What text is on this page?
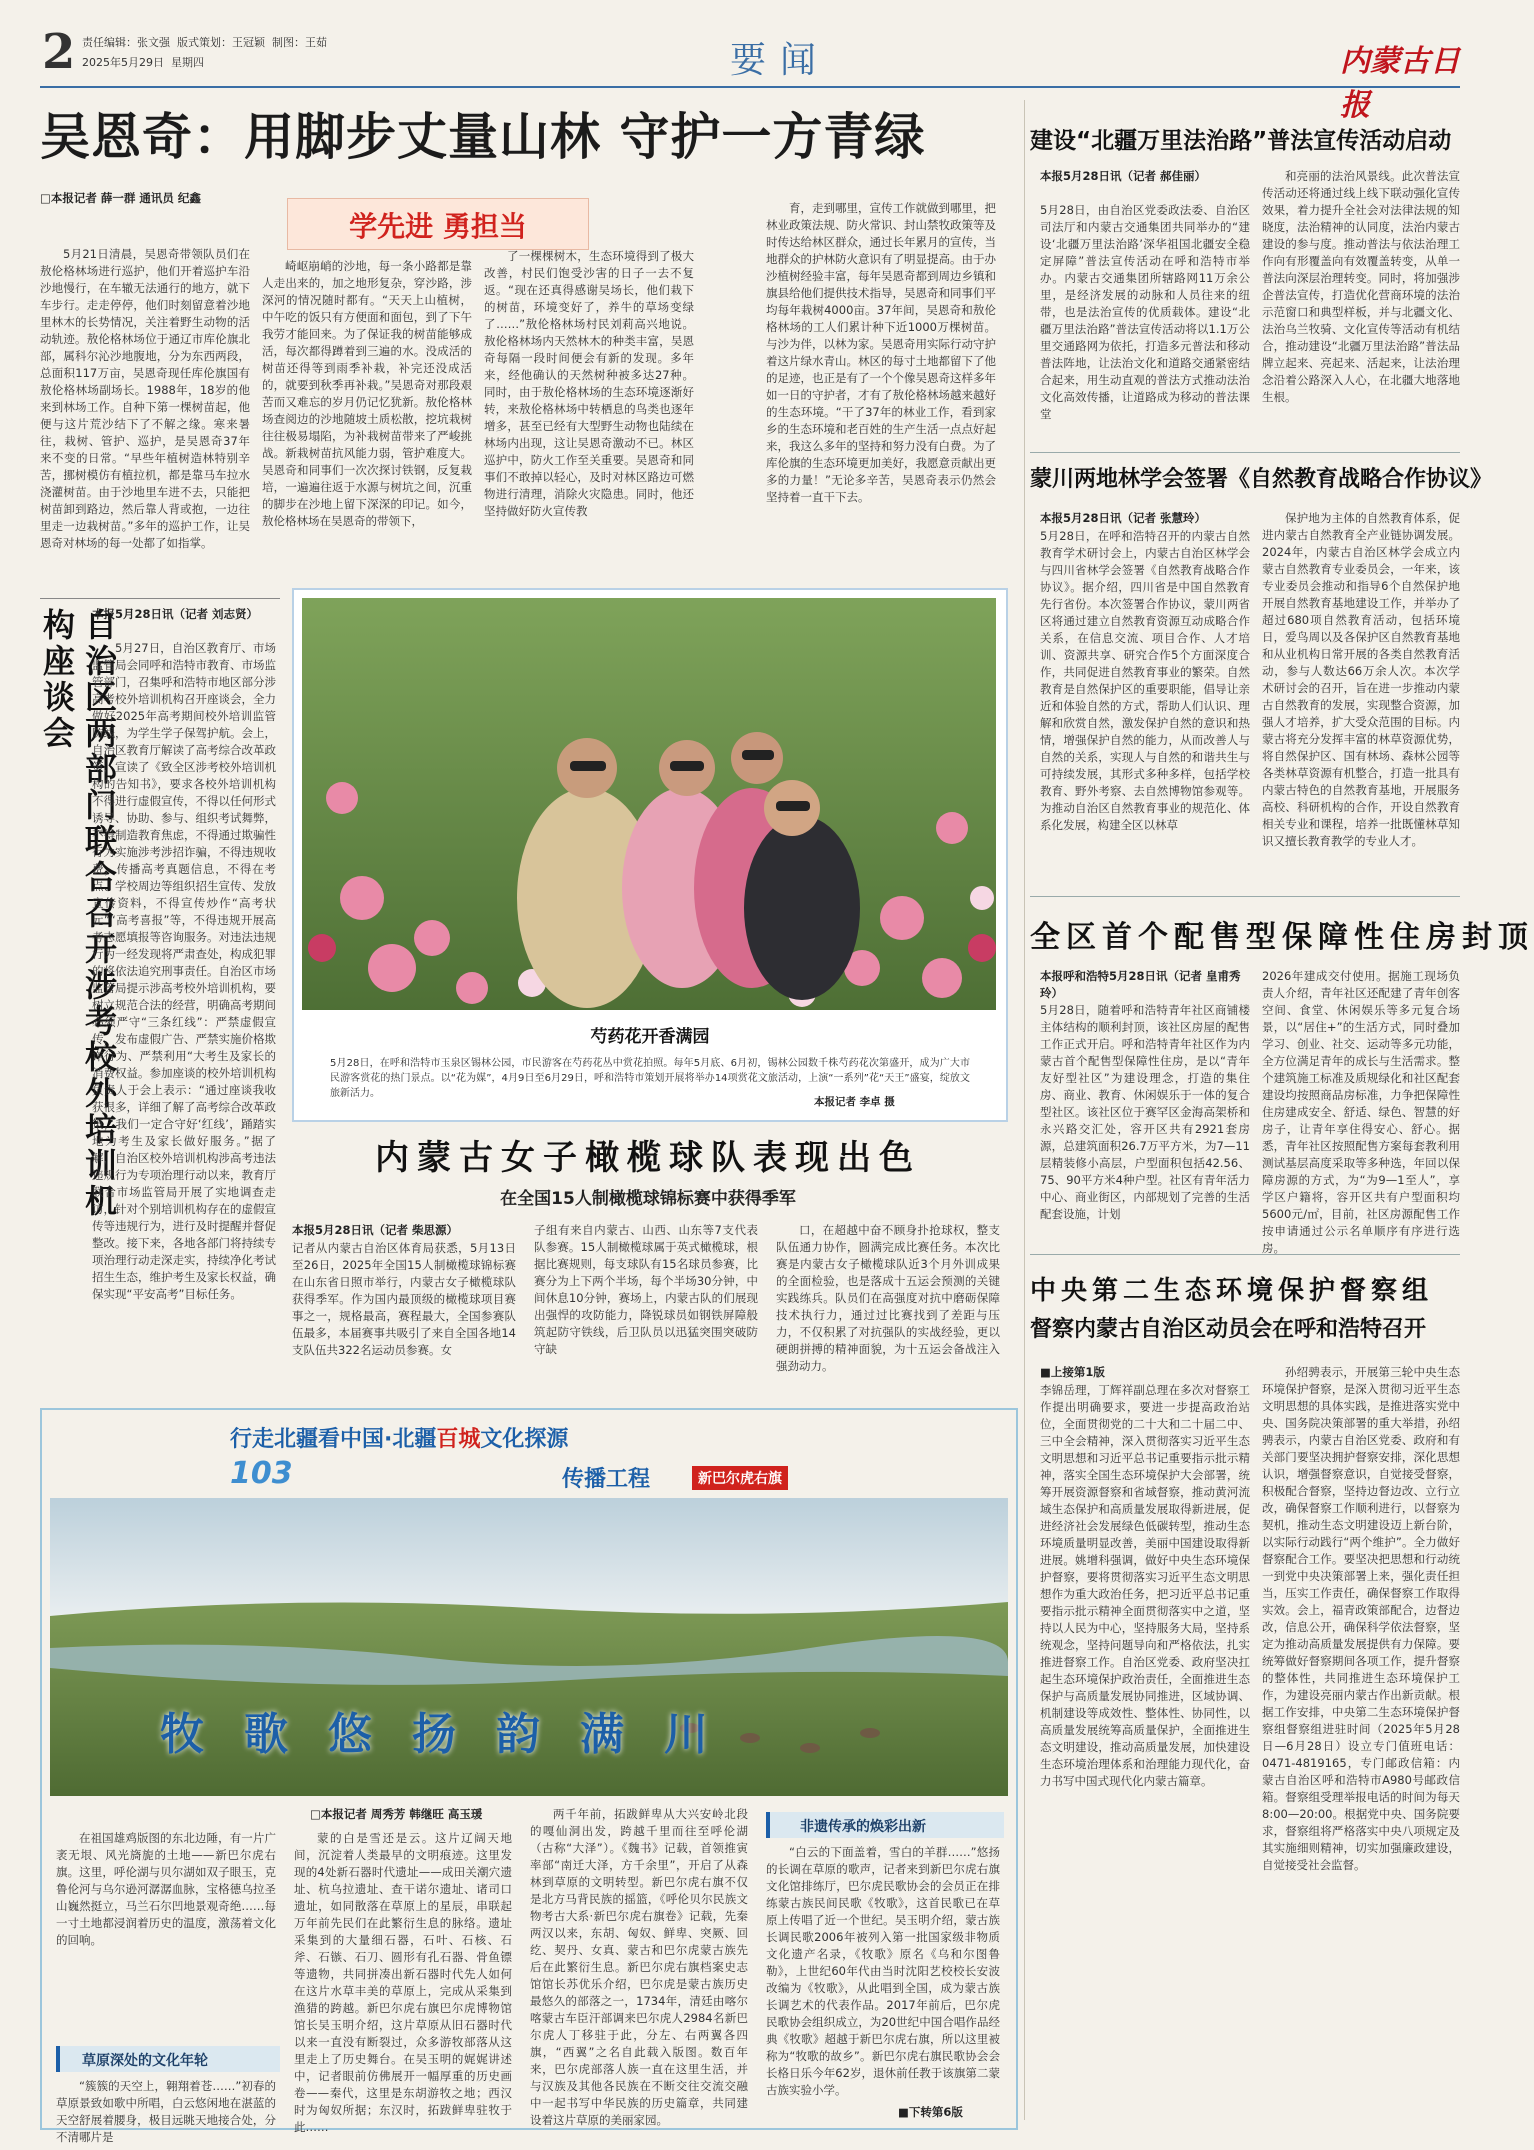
2 责任编辑：张文强 版式策划：王冠颖 制图：王茹
2025年5月29日 星期四	要闻	内蒙古日报
吴恩奇：用脚步丈量山林 守护一方青绿
□本报记者 薛一群 通讯员 纪鑫
学先进 勇担当

5月21日清晨，吴恩奇带领队员们在敖伦格林场进行巡护，他们开着巡护车沿沙地慢行，在车辙无法通行的地方，就下车步行。走走停停，他们时刻留意着沙地里林木的长势情况，关注着野生动物的活动轨迹。敖伦格林场位于通辽市库伦旗北部，属科尔沁沙地腹地，分为东西两段，总面积117万亩，吴恩奇现任库伦旗国有敖伦格林场副场长。1988年，18岁的他来到林场工作。自种下第一棵树苗起，他便与这片荒沙结下了不解之缘。寒来暑往，栽树、管护、巡护，是吴恩奇37年来不变的日常。“早些年植树造林特别辛苦，挪树模仿有植拉机，都是靠马车拉水浇灌树苗。由于沙地里车进不去，只能把树苗卸到路边，然后靠人背或抱，一边往里走一边栽树苗。”多年的巡护工作，让吴恩奇对林场的每一处都了如指掌。

崎岖崩峭的沙地，每一条小路都是靠人走出来的，加之地形复杂，穿沙路，涉深河的情况随时都有。“天天上山植树，中午吃的饭只有方便面和面包，到了下午我劳才能回来。为了保证我的树苗能够成活，每次都得蹲着到三遍的水。没成活的树苗还得等到雨季补栽，补完还没成活的，就要到秋季再补栽。”吴恩奇对那段艰苦而又难忘的岁月仍记忆犹新。敖伦格林场查阅边的沙地随坡土质松散，挖坑栽树往往极易塌陷，为补栽树苗带来了严峻挑战。新栽树苗抗风能力弱，管护难度大。吴恩奇和同事们一次次探讨铁钢，反复栽培，一遍遍往返于水源与树坑之间，沉重的脚步在沙地上留下深深的印记。如今，敖伦格林场在吴恩奇的带领下，

了一棵棵树木，生态环境得到了极大改善，村民们饱受沙害的日子一去不复返。“现在还真得感谢吴场长，他们栽下的树苗，环境变好了，养牛的草场变绿了……”敖伦格林场村民刘莉高兴地说。敖伦格林场内天然林木的种类丰富，吴恩奇每隔一段时间便会有新的发现。多年来，经他确认的天然树种被多达27种。同时，由于敖伦格林场的生态环境逐渐好转，来敖伦格林场中转栖息的鸟类也逐年增多，甚至已经有大型野生动物也陆续在林场内出现，这让吴恩奇激动不已。林区巡护中，防火工作至关重要。吴恩奇和同事们不敢掉以轻心，及时对林区路边可燃物进行清理，消除火灾隐患。同时，他还坚持做好防火宣传教

育，走到哪里，宣传工作就做到哪里，把林业政策法规、防火常识、封山禁牧政策等及时传达给林区群众，通过长年累月的宣传，当地群众的护林防火意识有了明显提高。由于办沙植树经验丰富，每年吴恩奇都到周边乡镇和旗县给他们提供技术指导，吴恩奇和同事们平均每年栽树4000亩。37年间，吴恩奇和敖伦格林场的工人们累计种下近1000万棵树苗。与沙为伴，以林为家。吴恩奇用实际行动守护着这片绿水青山。林区的每寸土地都留下了他的足迹，也正是有了一个个像吴恩奇这样多年如一日的守护者，才有了敖伦格林场越来越好的生态环境。“干了37年的林业工作，看到家乡的生态环境和老百姓的生产生活一点点好起来，我这么多年的坚持和努力没有白费。为了库伦旗的生态环境更加美好，我愿意贡献出更多的力量！”无论多辛苦，吴恩奇表示仍然会坚持着一直干下去。

自治区两部门联合召开涉考校外培训机构座谈会	本报5月28日讯（记者 刘志贤）

5月27日，自治区教育厅、市场监管局会同呼和浩特市教育、市场监管部门，召集呼和浩特市地区部分涉高考校外培训机构召开座谈会，全力做好2025年高考期间校外培训监管防线，为学生学子保驾护航。会上，自治区教育厅解读了高考综合改革政策，宣读了《致全区涉考校外培训机构的告知书》，要求各校外培训机构不得进行虚假宣传，不得以任何形式诱导、协助、参与、组织考试舞弊，不得制造教育焦虑，不得通过欺骗性行为实施涉考涉招诈骗，不得违规收费，传播高考真题信息，不得在考点、学校周边等组织招生宣传、发放宣传资料，不得宣传炒作“高考状元”“高考喜报”等，不得违规开展高考志愿填报等咨询服务。对违法违规行为一经发现将严肃查处，构成犯罪的将依法追究刑事责任。自治区市场监管局提示涉高考校外培训机构，要树立规范合法的经营，明确高考期间必须严守“三条红线”：严禁虚假宣传，发布虚假广告、严禁实施价格欺诈行为、严禁利用“大考生及家长的消费权益。参加座谈的校外培训机构负责人于会上表示：“通过座谈我收获很多，详细了解了高考综合改革政策，我们一定合守好‘红线’，踊踏实地为考生及家长做好服务。”据了解，自治区校外培训机构涉高考违法违规行为专项治理行动以来，教育厅联合市场监管局开展了实地调查走访，针对个别培训机构存在的虚假宣传等违规行为，进行及时提醒并督促整改。接下来，各地各部门将持续专项治理行动走深走实，持续净化考试招生生态，维护考生及家长权益，确保实现“平安高考”目标任务。

芍药花开香满园

5月28日，在呼和浩特市玉泉区锡林公园，市民游客在芍药花丛中赏花拍照。每年5月底、6月初，锡林公园数千株芍药花次第盛开，成为广大市民游客赏花的热门景点。以“花为媒”，4月9日至6月29日，呼和浩特市策划开展将举办14项赏花文旅活动，上演“一系列”花“天王”盛宴，绽放文旅新活力。

本报记者 李卓 摄
内蒙古女子橄榄球队表现出色
在全国15人制橄榄球锦标赛中获得季军
本报5月28日讯（记者 柴思源）

记者从内蒙古自治区体育局获悉，5月13日至26日，2025年全国15人制橄榄球锦标赛在山东省日照市举行，内蒙古女子橄榄球队获得季军。作为国内最顶级的橄榄球项目赛事之一，规格最高，赛程最大，全国参赛队伍最多，本届赛事共吸引了来自全国各地14支队伍共322名运动员参赛。女

子组有来自内蒙古、山西、山东等7支代表队参赛。15人制橄榄球属于英式橄榄球，根据比赛规则，每支球队有15名球员参赛，比赛分为上下两个半场，每个半场30分钟，中间休息10分钟，赛场上，内蒙古队的们展现出强悍的攻防能力，降锐球员如钢铁屏障般筑起防守铁线，后卫队员以迅猛突围突破防守缺

口，在超越中奋不顾身扑抢球权，整支队伍通力协作，圆满完成比赛任务。本次比赛是内蒙古女子橄榄球队近3个月外训成果的全面检验，也是落成十五运会预测的关键实践练兵。队员们在高强度对抗中磨砺保障技术执行力，通过过比赛找到了差距与压力，不仅积累了对抗强队的实战经验，更以硬朗拼搏的精神面貌，为十五运会备战注入强劲动力。

建设“北疆万里法治路”普法宣传活动启动
本报5月28日讯（记者 郝佳丽）

5月28日，由自治区党委政法委、自治区司法厅和内蒙古交通集团共同举办的“建设‘北疆万里法治路’深华祖国北疆安全稳定屏障”普法宣传活动在呼和浩特市举办。内蒙古交通集团所辖路网11万余公里，是经济发展的动脉和人员往来的纽带，也是法治宣传的优质载体。建设“北疆万里法治路”普法宣传活动将以1.1万公里交通路网为依托，打造多元普法和移动普法阵地，让法治文化和道路交通紧密结合起来，用生动直观的普法方式推动法治文化高效传播，让道路成为移动的普法课堂

和亮丽的法治风景线。此次普法宣传活动还将通过线上线下联动强化宣传效果，着力提升全社会对法律法规的知晓度，法治精神的认同度，法治内蒙古建设的参与度。推动普法与依法治理工作向有形覆盖向有效覆盖转变，从单一普法向深层治理转变。同时，将加强涉企普法宣传，打造优化营商环境的法治示范窗口和典型样板，并与北疆文化、法治乌兰牧骑、文化宣传等活动有机结合，推动建设“北疆万里法治路”普法品牌立起来、亮起来、活起来，让法治理念沿着公路深入人心，在北疆大地落地生根。

蒙川两地林学会签署《自然教育战略合作协议》
本报5月28日讯（记者 张慧玲）

5月28日，在呼和浩特召开的内蒙古自然教育学术研讨会上，内蒙古自治区林学会与四川省林学会签署《自然教育战略合作协议》。据介绍，四川省是中国自然教育先行省份。本次签署合作协议，蒙川两省区将通过建立自然教育资源互动成略合作关系，在信息交流、项目合作、人才培训、资源共享、研究合作5个方面深度合作，共同促进自然教育事业的繁荣。自然教育是自然保护区的重要职能，倡导让亲近和体验自然的方式，帮助人们认识、理解和欣赏自然，激发保护自然的意识和热情，增强保护自然的能力，从而改善人与自然的关系，实现人与自然的和谐共生与可持续发展，其形式多种多样，包括学校教育、野外考察、去自然博物馆参观等。为推动自治区自然教育事业的规范化、体系化发展，构建全区以林草

保护地为主体的自然教育体系，促进内蒙古自然教育全产业链协调发展。2024年，内蒙古自治区林学会成立内蒙古自然教育专业委员会，一年来，该专业委员会推动和指导6个自然保护地开展自然教育基地建设工作，并举办了超过680项自然教育活动，包括环境日，爱鸟周以及各保护区自然教育基地和从业机构日常开展的各类自然教育活动，参与人数达66万余人次。本次学术研讨会的召开，旨在进一步推动内蒙古自然教育的发展，实现整合资源，加强人才培养，扩大受众范围的目标。内蒙古将充分发挥丰富的林草资源优势，将自然保护区、国有林场、森林公园等各类林草资源有机整合，打造一批具有内蒙古特色的自然教育基地，开展服务高校、科研机构的合作，开设自然教育相关专业和课程，培养一批既懂林草知识又擅长教育教学的专业人才。

全区首个配售型保障性住房封顶
本报呼和浩特5月28日讯（记者 皇甫秀玲）

5月28日，随着呼和浩特青年社区商铺楼主体结构的顺利封顶，该社区房屋的配售工作正式开启。呼和浩特青年社区作为内蒙古首个配售型保障性住房，是以“青年友好型社区”为建设理念，打造的集住房、商业、教育、休闲娱乐于一体的复合型社区。该社区位于赛罕区金海高架桥和永兴路交汇处，容开区共有2921套房源，总建筑面积26.7万平方米，为7—11层精装修小高层，户型面积包括42.56、75、90平方米4种户型。社区有青年活力中心、商业街区，内部规划了完善的生活配套设施，计划

2026年建成交付使用。据施工现场负责人介绍，青年社区还配建了青年创客空间、食堂、休闲娱乐等多元复合场景，以“居住+”的生活方式，同时叠加学习、创业、社交、运动等多元功能，全方位满足青年的成长与生活需求。整个建筑施工标准及质规绿化和社区配套建设均按照商品房标准，力争把保障性住房建成安全、舒适、绿色、智慧的好房子，让青年享住得安心、舒心。据悉，青年社区按照配售方案每套教利用测试基层高度采取等多种选，年回以保障房源的方式，为“为9—1至人”，享学区户籍将，容开区共有户型面积均5600元/㎡，目前，社区房源配售工作按申请通过公示名单顺序有序进行选房。

中央第二生态环境保护督察组
督察内蒙古自治区动员会在呼和浩特召开
■上接第1版

李锦岳理，丁辉祥副总理在多次对督察工作提出明确要求，要进一步提高政治站位，全面贯彻党的二十大和二十届二中、三中全会精神，深入贯彻落实习近平生态文明思想和习近平总书记重要指示批示精神，落实全国生态环境保护大会部署，统筹开展资源督察和省域督察，推动黄河流域生态保护和高质量发展取得新进展，促进经济社会发展绿色低碳转型，推动生态环境质量明显改善，美丽中国建设取得新进展。姚增科强调，做好中央生态环境保护督察，要将贯彻落实习近平生态文明思想作为重大政治任务，把习近平总书记重要指示批示精神全面贯彻落实中之道，坚持以人民为中心，坚持服务大局，坚持系统观念，坚持问题导向和严格依法，扎实推进督察工作。自治区党委、政府坚决扛起生态环境保护政治责任，全面推进生态保护与高质量发展协同推进，区域协调、机制建设等成效性、整体性、协同性，以高质量发展统筹高质量保护，全面推进生态文明建设，推动高质量发展，加快建设生态环境治理体系和治理能力现代化，奋力书写中国式现代化内蒙古篇章。

孙绍骋表示，开展第三轮中央生态环境保护督察，是深入贯彻习近平生态文明思想的具体实践，是推进落实党中央、国务院决策部署的重大举措，孙绍骋表示，内蒙古自治区党委、政府和有关部门要坚决拥护督察安排，深化思想认识，增强督察意识，自觉接受督察，积极配合督察，坚持边督边改、立行立改，确保督察工作顺利进行，以督察为契机，推动生态文明建设迈上新台阶，以实际行动践行“两个维护”。全力做好督察配合工作。要坚决把思想和行动统一到党中央决策部署上来，强化责任担当，压实工作责任，确保督察工作取得实效。会上，福青政策部配合，边督边改，信息公开，确保科学依法督察，坚定为推动高质量发展提供有力保障。要统筹做好督察期间各项工作，提升督察的整体性，共同推进生态环境保护工作，为建设亮丽内蒙古作出新贡献。根据工作安排，中央第二生态环境保护督察组督察组进驻时间（2025年5月28日—6月28日）设立专门值班电话：0471-4819165，专门邮政信箱：内蒙古自治区呼和浩特市A980号邮政信箱。督察组受理举报电话的时间为每天8:00—20:00。根据党中央、国务院要求，督察组将严格落实中央八项规定及其实施细则精神，切实加强廉政建设，自觉接受社会监督。

行走北疆看中国·北疆百城文化探源
103	传播工程	新巴尔虎右旗
牧歌悠扬韵满川
□本报记者 周秀芳 韩继旺 高玉瑗

在祖国雄鸡版图的东北边陲，有一片广袤无垠、风光旖旎的土地——新巴尔虎右旗。这里，呼伦湖与贝尔湖如双子眼玉，克鲁伦河与乌尔逊河潺潺血脉，宝格德乌拉圣山巍然挺立，马兰石尔凹地景观奇绝……每一寸土地都浸润着历史的温度，激荡着文化的回响。

草原深处的文化年轮

“簇簇的天空上，翱翔着苍……”初春的草原景致如歌中所唱，白云悠闲地在湛蓝的天空舒展着腰身，极目远眺天地接合处，分不清哪片是

蒙的白是雪还是云。这片辽阔天地间，沉淀着人类最早的文明痕迹。这里发现的4处新石器时代遗址——成田关潮穴遗址、杭乌拉遗址、查干诺尔遗址、诸司口遗址，如同散落在草原上的星辰，串联起万年前先民们在此繁衍生息的脉络。遗址采集到的大量细石器，石叶、石核、石斧、石镞、石刀、圆形有孔石器、骨鱼镖等遗物，共同拼凑出新石器时代先人如何在这片水草丰美的草原上，完成从采集到渔猎的跨越。新巴尔虎右旗巴尔虎博物馆馆长吴玉明介绍，这片草原从旧石器时代以来一直没有断裂过，众多游牧部落从这里走上了历史舞台。在吴玉明的娓娓讲述中，记者眼前仿佛展开一幅厚重的历史画卷——秦代，这里是东胡游牧之地；西汉时为匈奴所据；东汉时，拓跋鲜卑驻牧于此……

两千年前，拓跋鲜卑从大兴安岭北段的嘎仙洞出发，跨越千里而往至呼伦湖（古称“大泽”）。《魏书》记载，首领推寅率部“南迁大泽，方千余里”，开启了从森林到草原的文明转型。新巴尔虎右旗不仅是北方马背民族的摇篮，《呼伦贝尔民族文物考古大系·新巴尔虎右旗卷》记载，先秦两汉以来，东胡、匈奴、鲜卑、突厥、回纥、契丹、女真、蒙古和巴尔虎蒙古族先后在此繁衍生息。新巴尔虎右旗档案史志馆馆长苏优乐介绍，巴尔虎是蒙古族历史最悠久的部落之一，1734年，清廷由喀尔喀蒙古车臣汗部调来巴尔虎人2984名新巴尔虎人丁移驻于此，分左、右两翼各四旗，“西翼”之名自此载入版图。数百年来，巴尔虎部落人族一直在这里生活，并与汉族及其他各民族在不断交往交流交融中一起书写中华民族的历史篇章，共同建设着这片草原的美丽家园。

非遗传承的焕彩出新

“白云的下面盖着，雪白的羊群……”悠扬的长调在草原的歌声，记者来到新巴尔虎右旗文化馆排练厅，巴尔虎民歌协会的会员正在排练蒙古族民间民歌《牧歌》，这首民歌已在草原上传唱了近一个世纪。吴玉明介绍，蒙古族长调民歌2006年被列入第一批国家级非物质文化遗产名录，《牧歌》原名《乌和尔图鲁勒》，上世纪60年代由当时沈阳艺校校长安波改编为《牧歌》，从此唱到全国，成为蒙古族长调艺术的代表作品。2017年前后，巴尔虎民歌协会组织成立，为20世纪中国合唱作品经典《牧歌》超越于新巴尔虎右旗，所以这里被称为“牧歌的故乡”。新巴尔虎右旗民歌协会会长格日乐今年62岁，退休前任教于该旗第二蒙古族实验小学。

■下转第6版
